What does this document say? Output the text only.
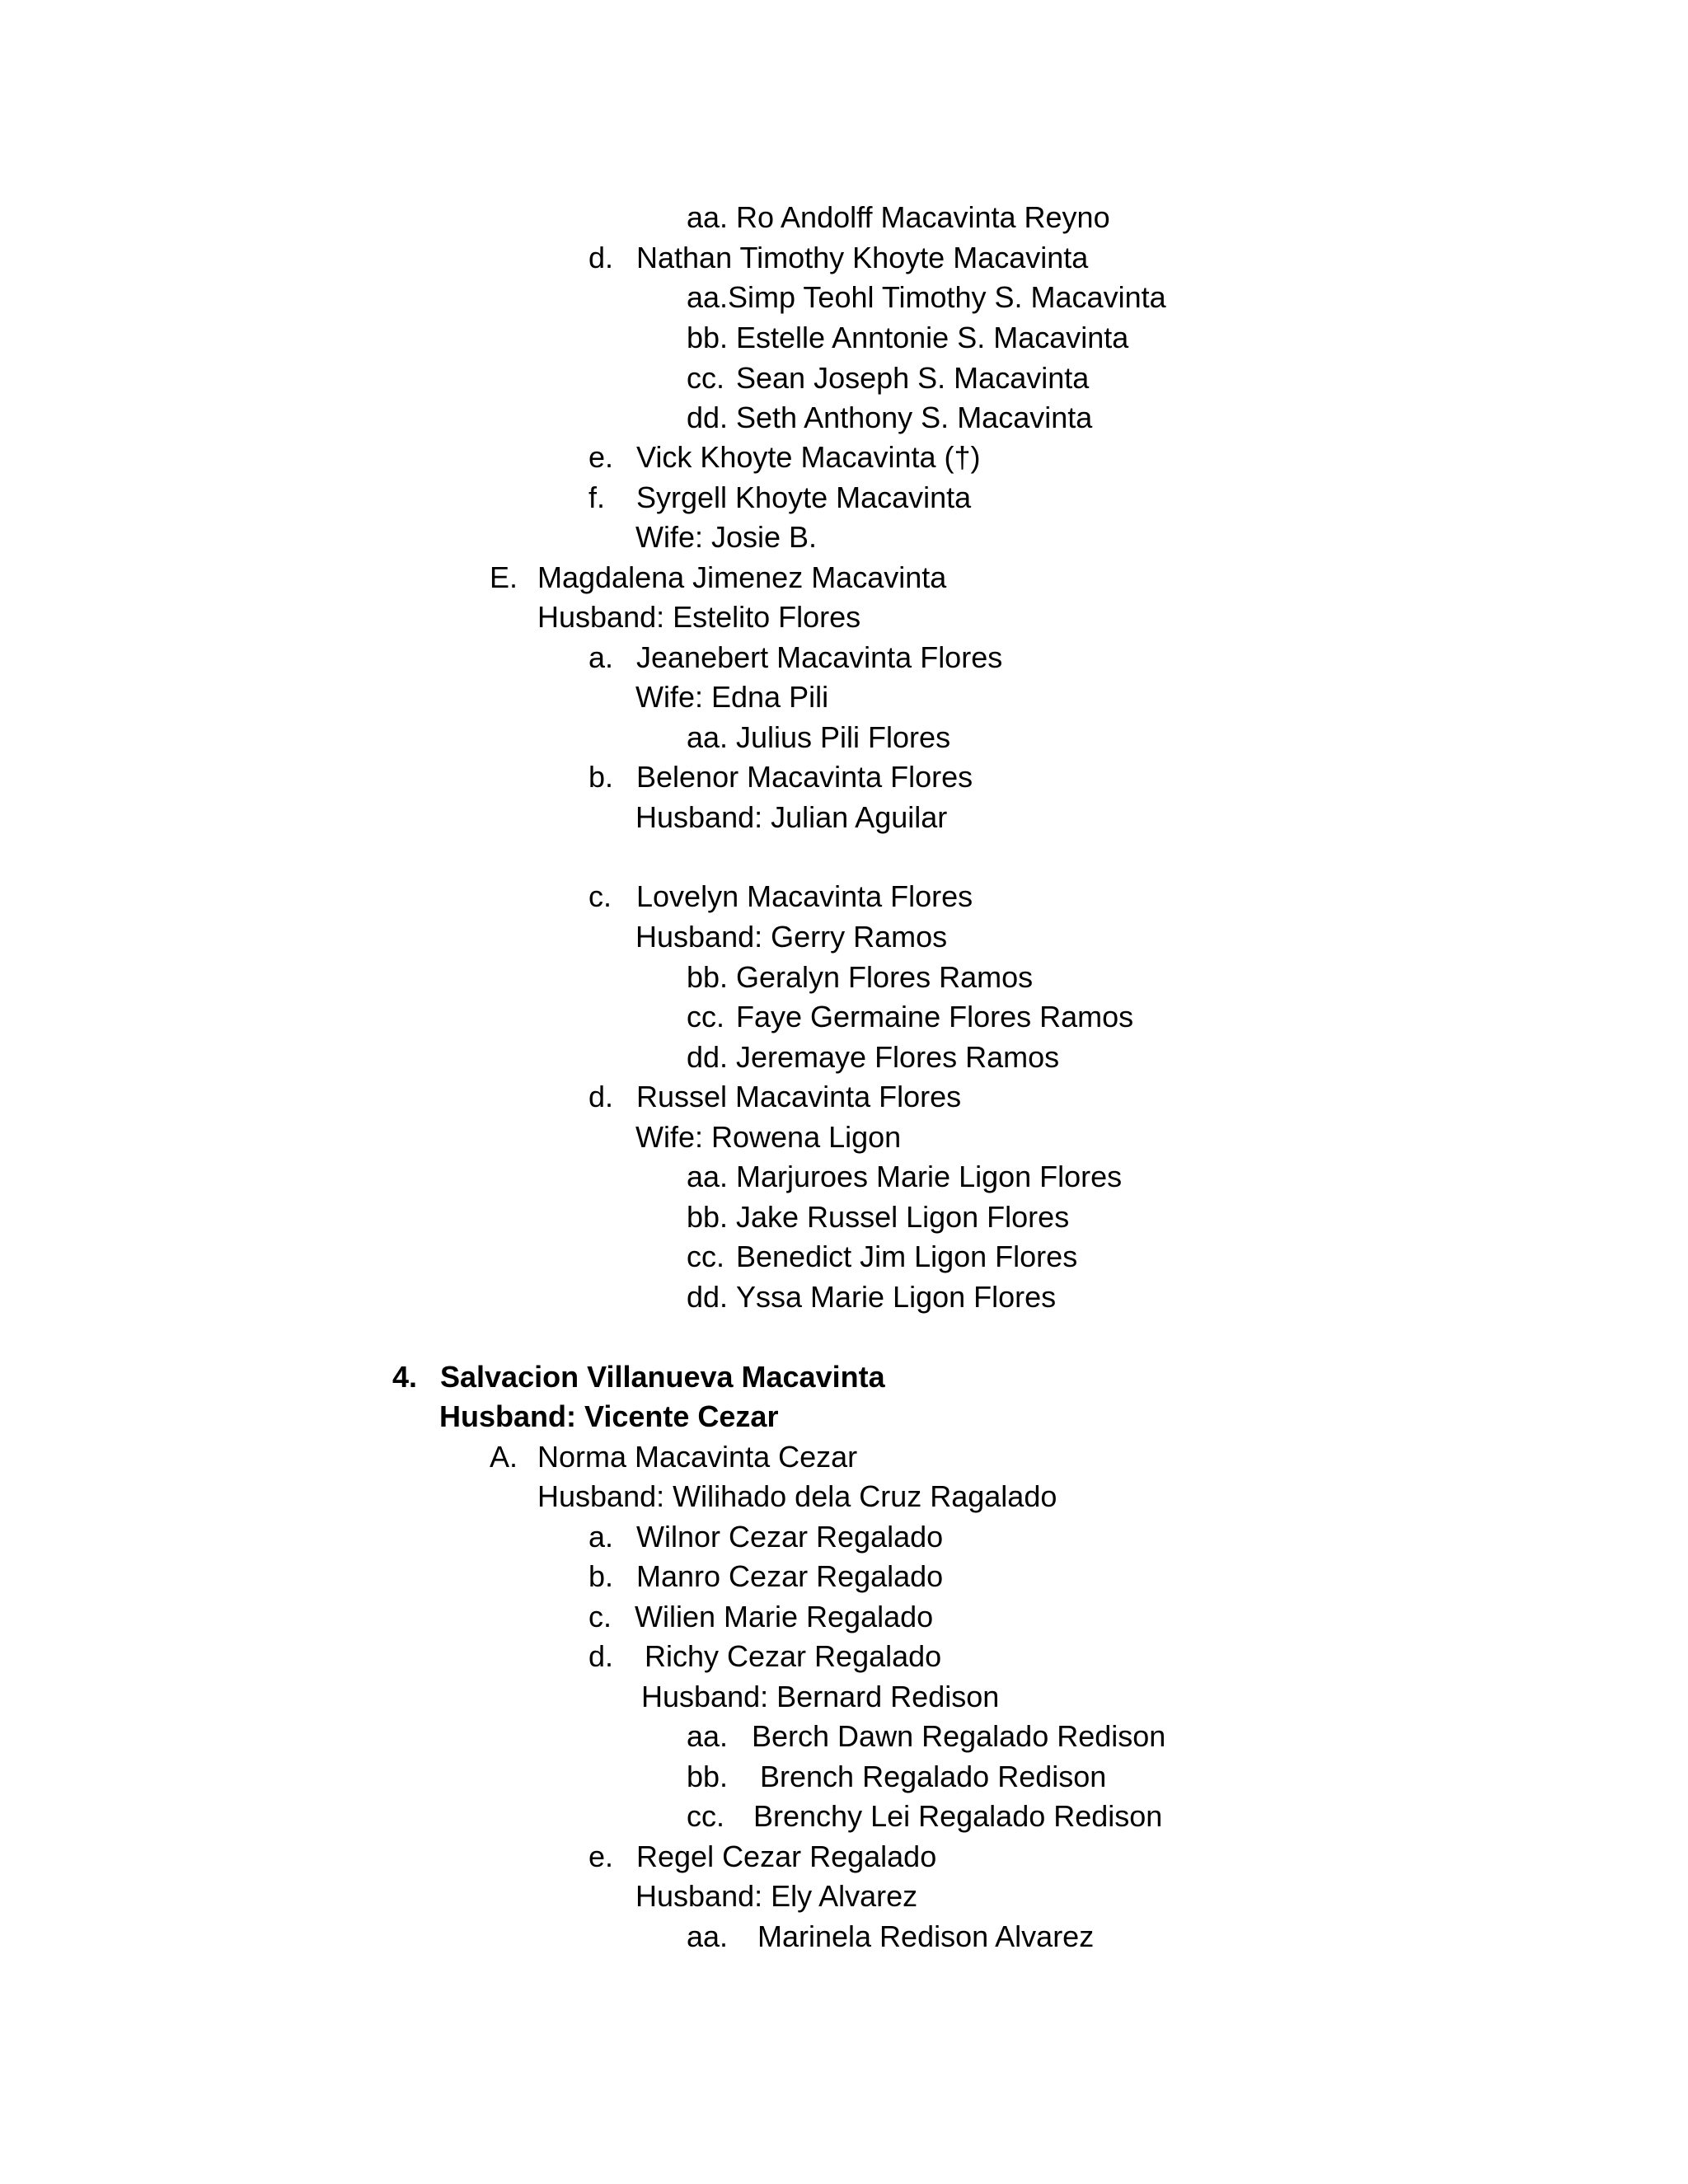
aa. Ro Andolff Macavinta Reyno
d. Nathan Timothy Khoyte Macavinta
aa.Simp Teohl Timothy S. Macavinta
bb. Estelle Anntonie S. Macavinta
cc. Sean Joseph S. Macavinta
dd. Seth Anthony S. Macavinta
e. Vick Khoyte Macavinta (†)
f. Syrgell Khoyte Macavinta
Wife: Josie B.
E. Magdalena Jimenez Macavinta
Husband: Estelito Flores
a. Jeanebert Macavinta Flores
Wife: Edna Pili
aa. Julius Pili Flores
b. Belenor Macavinta Flores
Husband: Julian Aguilar
c. Lovelyn Macavinta Flores
Husband: Gerry Ramos
bb. Geralyn Flores Ramos
cc. Faye Germaine Flores Ramos
dd. Jeremaye Flores Ramos
d. Russel Macavinta Flores
Wife: Rowena Ligon
aa. Marjuroes Marie Ligon Flores
bb. Jake Russel Ligon Flores
cc. Benedict Jim Ligon Flores
dd. Yssa Marie Ligon Flores
4. Salvacion Villanueva Macavinta
Husband: Vicente Cezar
A. Norma Macavinta Cezar
Husband: Wilihado dela Cruz Ragalado
a. Wilnor Cezar Regalado
b. Manro Cezar Regalado
c. Wilien Marie Regalado
d. Richy Cezar Regalado
Husband: Bernard Redison
aa. Berch Dawn Regalado Redison
bb. Brench Regalado Redison
cc. Brenchy Lei Regalado Redison
e. Regel Cezar Regalado
Husband: Ely Alvarez
aa. Marinela Redison Alvarez
